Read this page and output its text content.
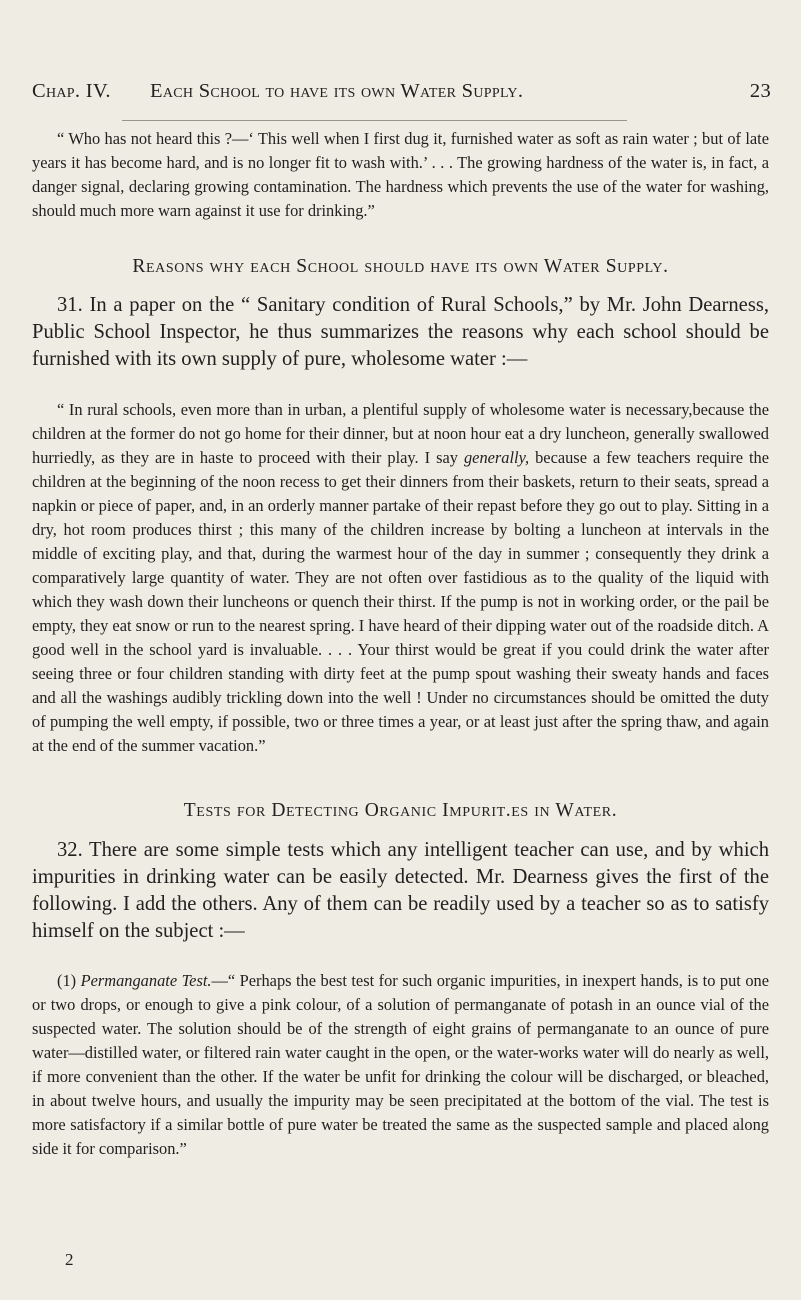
Chap. IV. Each School to have its own Water Supply.	23

“ Who has not heard this ?—‘ This well when I first dug it, furnished water as soft as rain water ; but of late years it has become hard, and is no longer fit to wash with.’ . . . The growing hardness of the water is, in fact, a danger signal, declaring growing contamination. The hardness which prevents the use of the water for washing, should much more warn against it use for drinking.”

Reasons why each School should have its own Water Supply.

31. In a paper on the “ Sanitary condition of Rural Schools,” by Mr. John Dearness, Public School Inspector, he thus summarizes the reasons why each school should be furnished with its own supply of pure, wholesome water :—

“ In rural schools, even more than in urban, a plentiful supply of wholesome water is necessary,because the children at the former do not go home for their dinner, but at noon hour eat a dry luncheon, generally swallowed hurriedly, as they are in haste to proceed with their play. I say generally, because a few teachers require the children at the beginning of the noon recess to get their dinners from their baskets, return to their seats, spread a napkin or piece of paper, and, in an orderly manner partake of their repast before they go out to play. Sitting in a dry, hot room produces thirst ; this many of the children increase by bolting a luncheon at intervals in the middle of exciting play, and that, during the warmest hour of the day in summer ; consequently they drink a comparatively large quantity of water. They are not often over fastidious as to the quality of the liquid with which they wash down their luncheons or quench their thirst. If the pump is not in working order, or the pail be empty, they eat snow or run to the nearest spring. I have heard of their dipping water out of the roadside ditch. A good well in the school yard is invaluable. . . . Your thirst would be great if you could drink the water after seeing three or four children standing with dirty feet at the pump spout washing their sweaty hands and faces and all the washings audibly trickling down into the well ! Under no circumstances should be omitted the duty of pumping the well empty, if possible, two or three times a year, or at least just after the spring thaw, and again at the end of the summer vacation.”

Tests for Detecting Organic Impurit.es in Water.

32. There are some simple tests which any intelligent teacher can use, and by which impurities in drinking water can be easily detected. Mr. Dearness gives the first of the following. I add the others. Any of them can be readily used by a teacher so as to satisfy himself on the subject :—

(1) Permanganate Test.—“ Perhaps the best test for such organic impurities, in inexpert hands, is to put one or two drops, or enough to give a pink colour, of a solution of permanganate of potash in an ounce vial of the suspected water. The solution should be of the strength of eight grains of permanganate to an ounce of pure water—distilled water, or filtered rain water caught in the open, or the water-works water will do nearly as well, if more convenient than the other. If the water be unfit for drinking the colour will be discharged, or bleached, in about twelve hours, and usually the impurity may be seen precipitated at the bottom of the vial. The test is more satisfactory if a similar bottle of pure water be treated the same as the suspected sample and placed along side it for comparison.”

2
